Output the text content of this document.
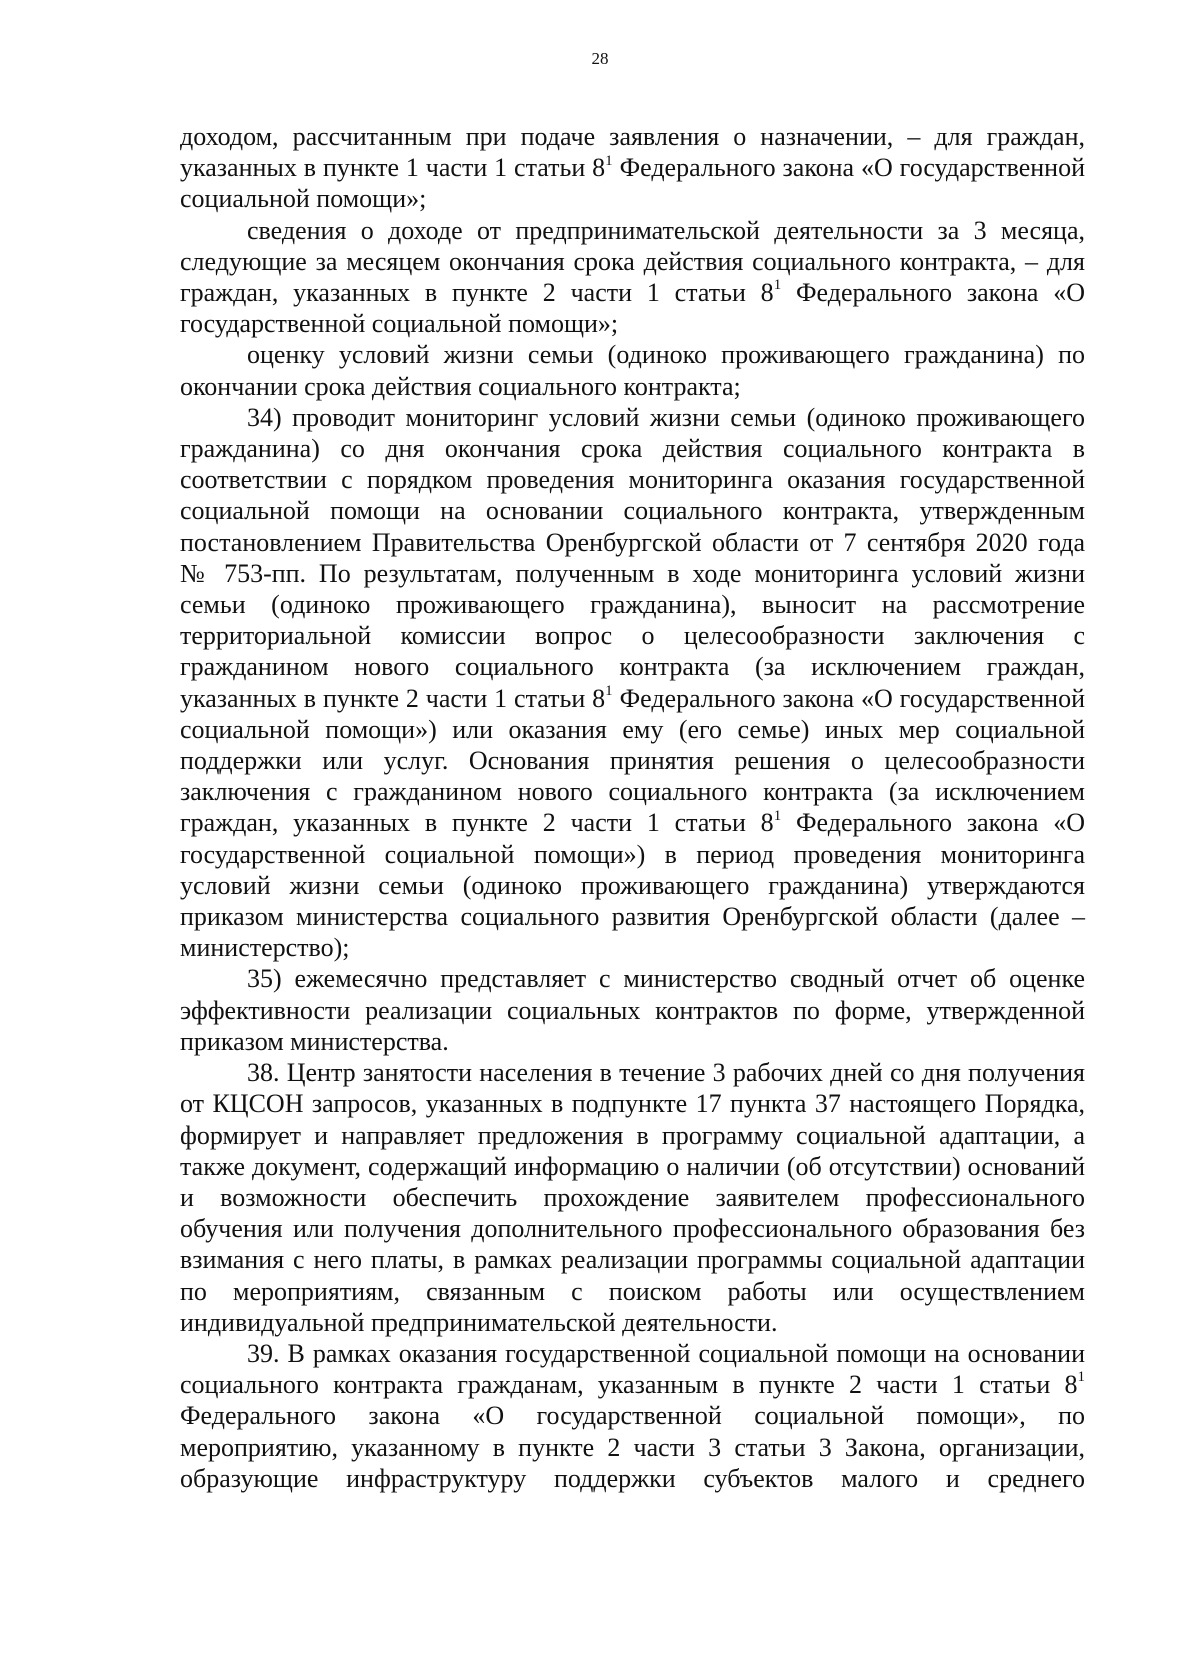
28

доходом, рассчитанным при подаче заявления о назначении, – для граждан, указанных в пункте 1 части 1 статьи 8$^1$ Федерального закона «О государственной социальной помощи»;

сведения о доходе от предпринимательской деятельности за 3 месяца, следующие за месяцем окончания срока действия социального контракта, – для граждан, указанных в пункте 2 части 1 статьи 8$^1$ Федерального закона «О государственной социальной помощи»;

оценку условий жизни семьи (одиноко проживающего гражданина) по окончании срока действия социального контракта;

34) проводит мониторинг условий жизни семьи (одиноко проживающего гражданина) со дня окончания срока действия социального контракта в соответствии с порядком проведения мониторинга оказания государственной социальной помощи на основании социального контракта, утвержденным постановлением Правительства Оренбургской области от 7 сентября 2020 года № 753-пп. По результатам, полученным в ходе мониторинга условий жизни семьи (одиноко проживающего гражданина), выносит на рассмотрение территориальной комиссии вопрос о целесообразности заключения с гражданином нового социального контракта (за исключением граждан, указанных в пункте 2 части 1 статьи 8$^1$ Федерального закона «О государственной социальной помощи») или оказания ему (его семье) иных мер социальной поддержки или услуг. Основания принятия решения о целесообразности заключения с гражданином нового социального контракта (за исключением граждан, указанных в пункте 2 части 1 статьи 8$^1$ Федерального закона «О государственной социальной помощи») в период проведения мониторинга условий жизни семьи (одиноко проживающего гражданина) утверждаются приказом министерства социального развития Оренбургской области (далее – министерство);

35) ежемесячно представляет с министерство сводный отчет об оценке эффективности реализации социальных контрактов по форме, утвержденной приказом министерства.

38. Центр занятости населения в течение 3 рабочих дней со дня получения от КЦСОН запросов, указанных в подпункте 17 пункта 37 настоящего Порядка, формирует и направляет предложения в программу социальной адаптации, а также документ, содержащий информацию о наличии (об отсутствии) оснований и возможности обеспечить прохождение заявителем профессионального обучения или получения дополнительного профессионального образования без взимания с него платы, в рамках реализации программы социальной адаптации по мероприятиям, связанным с поиском работы или осуществлением индивидуальной предпринимательской деятельности.

39. В рамках оказания государственной социальной помощи на основании социального контракта гражданам, указанным в пункте 2 части 1 статьи 8$^1$ Федерального закона «О государственной социальной помощи», по мероприятию, указанному в пункте 2 части 3 статьи 3 Закона, организации, образующие инфраструктуру поддержки субъектов малого и среднего
